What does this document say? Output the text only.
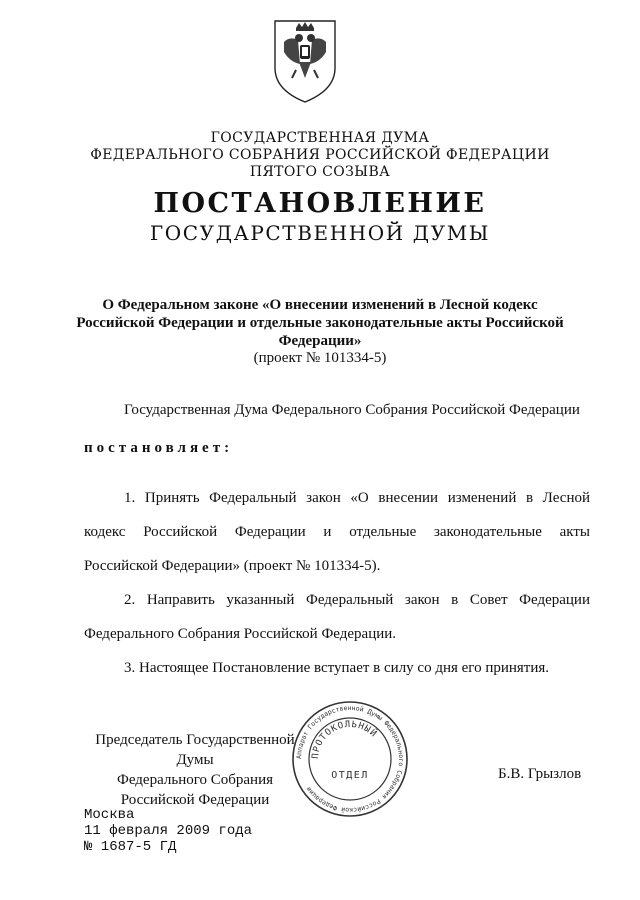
ГОСУДАРСТВЕННАЯ ДУМА
ФЕДЕРАЛЬНОГО СОБРАНИЯ РОССИЙСКОЙ ФЕДЕРАЦИИ
ПЯТОГО СОЗЫВА
ПОСТАНОВЛЕНИЕ
ГОСУДАРСТВЕННОЙ ДУМЫ
О Федеральном законе «О внесении изменений в Лесной кодекс
Российской Федерации и отдельные законодательные акты Российской
Федерации»
(проект № 101334-5)
Государственная Дума Федерального Собрания Российской Федерации
постановляет:
1. Принять Федеральный закон «О внесении изменений в Лесной
кодекс Российской Федерации и отдельные законодательные акты
Российской Федерации» (проект № 101334-5).
2. Направить указанный Федеральный закон в Совет Федерации
Федерального Собрания Российской Федерации.
3. Настоящее Постановление вступает в силу со дня его принятия.
Председатель Государственной Думы
Федерального Собрания
Российской Федерации
Б.В. Грызлов
Аппарат Государственной Думы Федерального Собрания Российской Федерации
ПРОТОКОЛЬНЫЙ
ОТДЕЛ
Москва
11 февраля 2009 года
№ 1687-5 ГД
